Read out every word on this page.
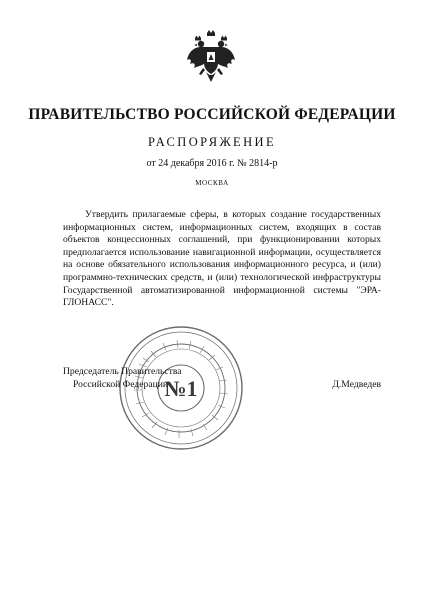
ПРАВИТЕЛЬСТВО РОССИЙСКОЙ ФЕДЕРАЦИИ
РАСПОРЯЖЕНИЕ
от 24 декабря 2016 г. № 2814-р
МОСКВА

Утвердить прилагаемые сферы, в которых создание государственных информационных систем, информационных систем, входящих в состав объектов концессионных соглашений, при функционировании которых предполагается использование навигационной информации, осуществляется на основе обязательного использования информационного ресурса, и (или) программно-технических средств, и (или) технологической инфраструктуры Государственной автоматизированной информационной системы "ЭРА-ГЛОНАСС".

№1
Председатель Правительства
Российской Федерации	Д.Медведев
